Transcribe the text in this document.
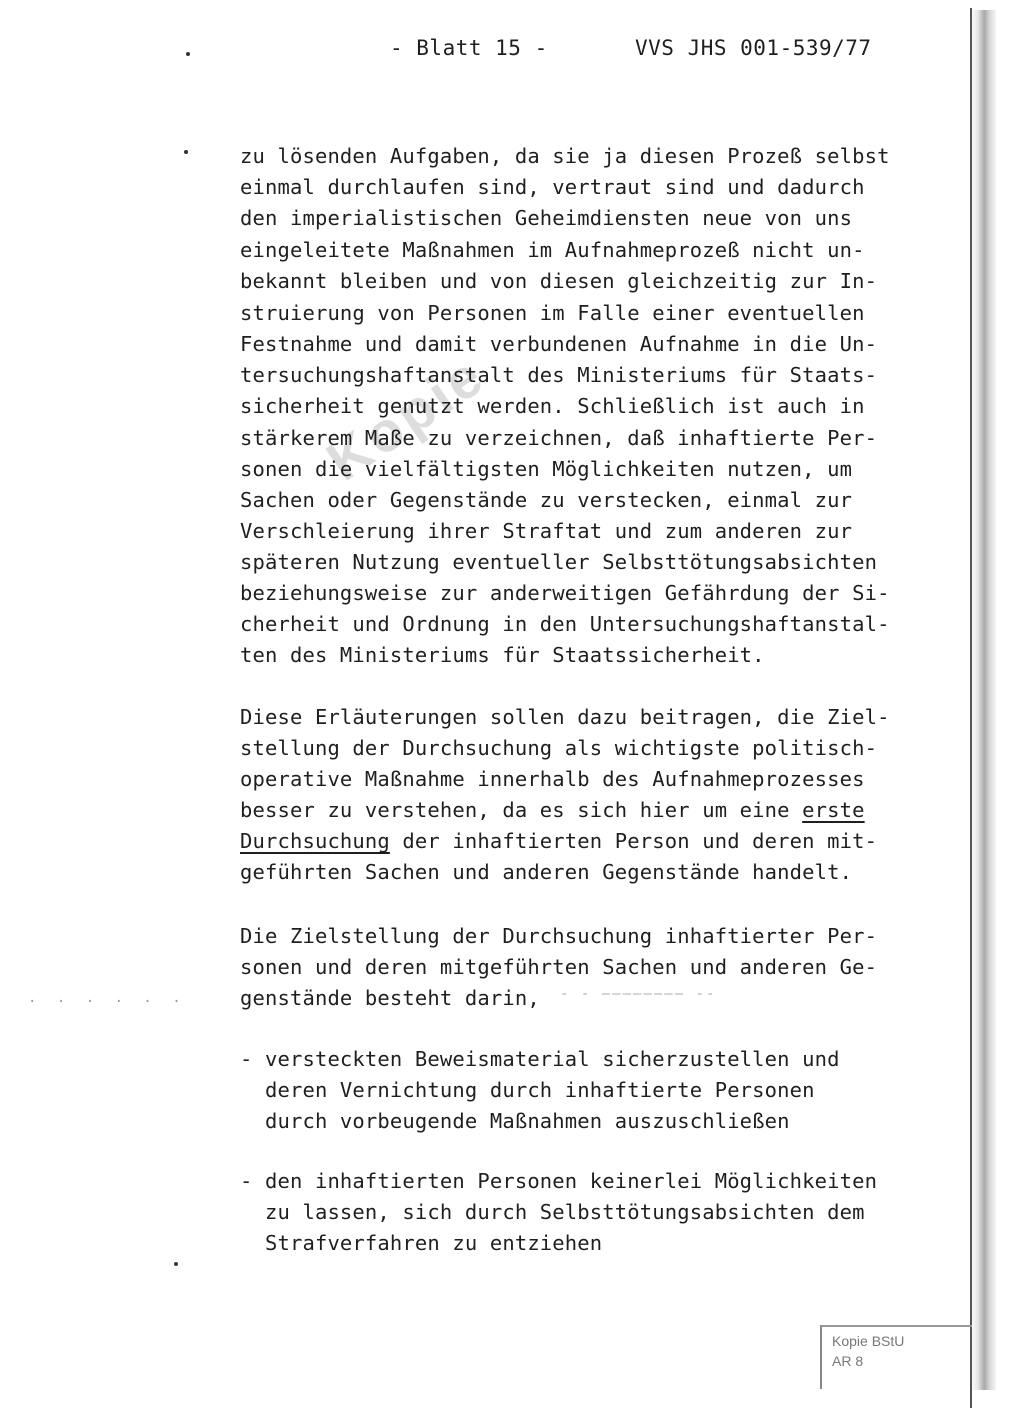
- Blatt 15 -	VVS JHS 001-539/77
Kopie
zu lösenden Aufgaben, da sie ja diesen Prozeß selbst
einmal durchlaufen sind, vertraut sind und dadurch
den imperialistischen Geheimdiensten neue von uns
eingeleitete Maßnahmen im Aufnahmeprozeß nicht un-
bekannt bleiben und von diesen gleichzeitig zur In-
struierung von Personen im Falle einer eventuellen
Festnahme und damit verbundenen Aufnahme in die Un-
tersuchungshaftanstalt des Ministeriums für Staats-
sicherheit genutzt werden. Schließlich ist auch in
stärkerem Maße zu verzeichnen, daß inhaftierte Per-
sonen die vielfältigsten Möglichkeiten nutzen, um
Sachen oder Gegenstände zu verstecken, einmal zur
Verschleierung ihrer Straftat und zum anderen zur
späteren Nutzung eventueller Selbsttötungsabsichten
beziehungsweise zur anderweitigen Gefährdung der Si-
cherheit und Ordnung in den Untersuchungshaftanstal-
ten des Ministeriums für Staatssicherheit.
Diese Erläuterungen sollen dazu beitragen, die Ziel-
stellung der Durchsuchung als wichtigste politisch-
operative Maßnahme innerhalb des Aufnahmeprozesses
besser zu verstehen, da es sich hier um eine erste
Durchsuchung der inhaftierten Person und deren mit-
geführten Sachen und anderen Gegenstände handelt.
Die Zielstellung der Durchsuchung inhaftierter Per-
sonen und deren mitgeführten Sachen und anderen Ge-
genstände besteht darin,
. . . . . .	- - ———————— --
- versteckten Beweismaterial sicherzustellen und
deren Vernichtung durch inhaftierte Personen
durch vorbeugende Maßnahmen auszuschließen
- den inhaftierten Personen keinerlei Möglichkeiten
zu lassen, sich durch Selbsttötungsabsichten dem
Strafverfahren zu entziehen
Kopie BStU
AR 8
